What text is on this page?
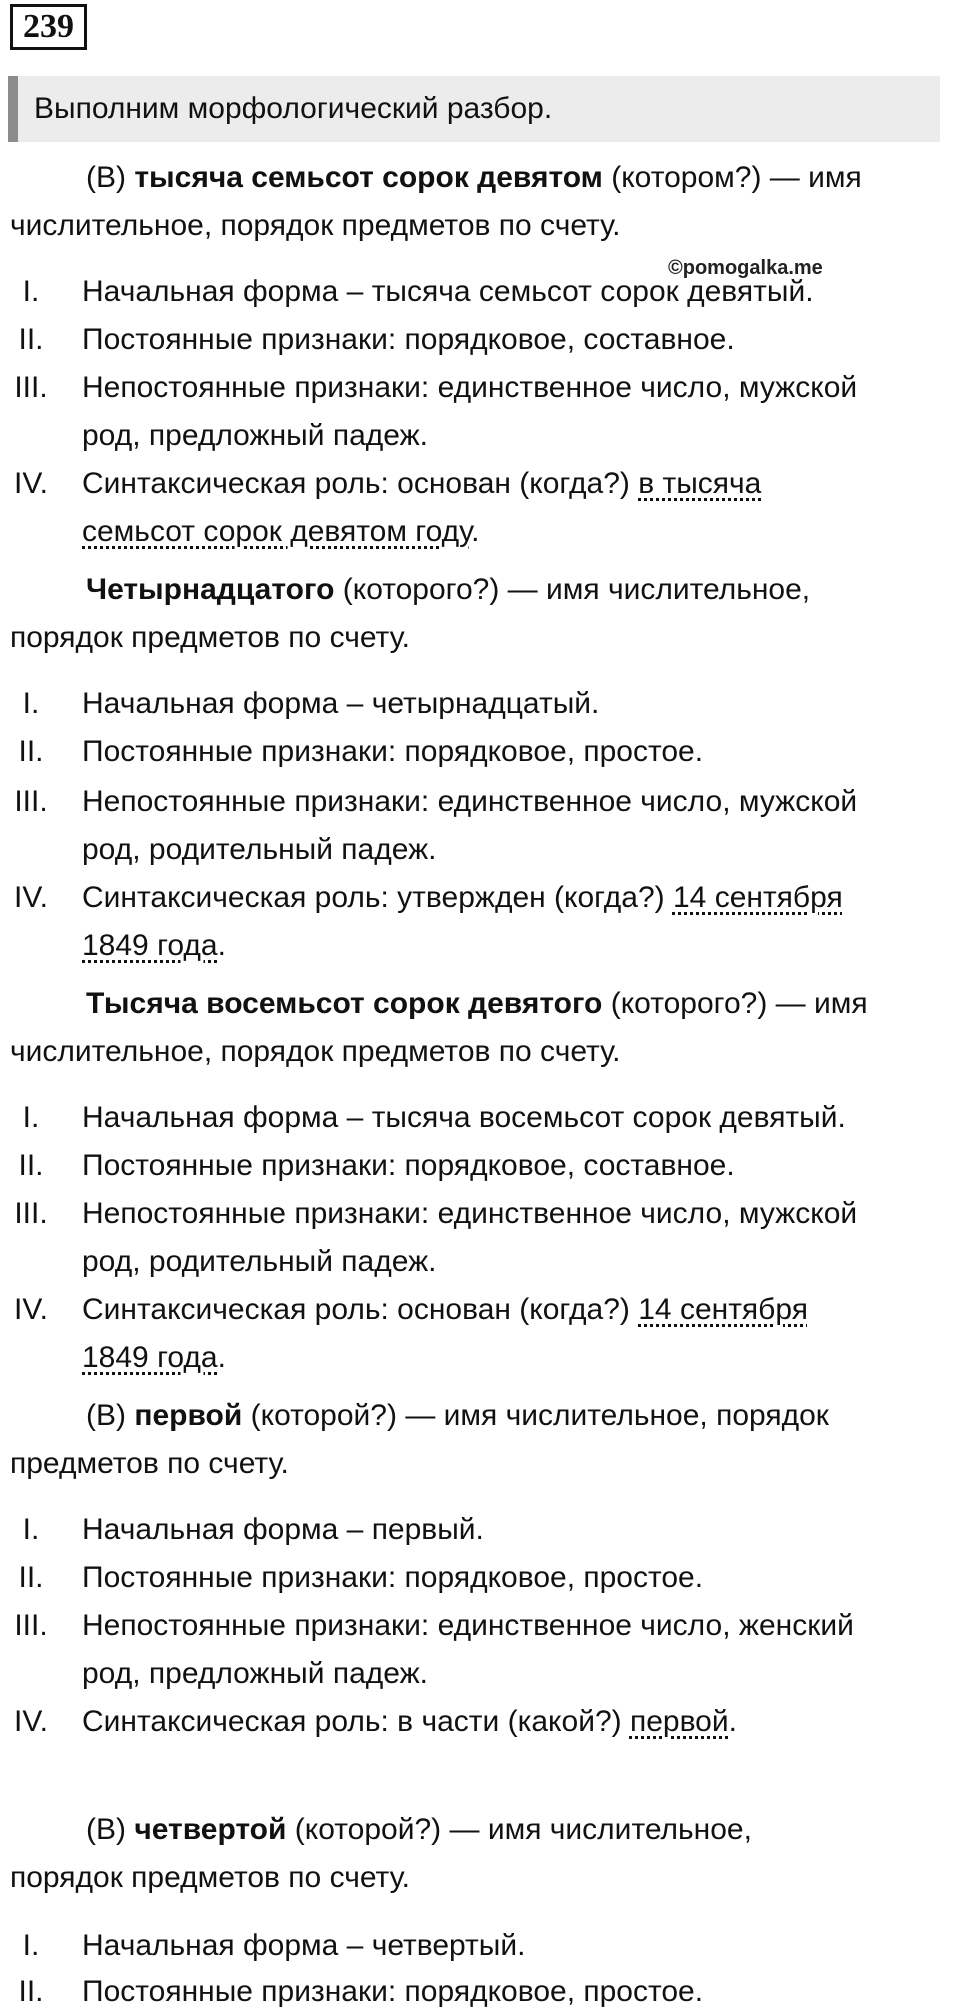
239
Выполним морфологический разбор.
©pomogalka.me
(В) тысяча семьсот сорок девятом (котором?) — имя
числительное, порядок предметов по счету.
I.	Начальная форма – тысяча семьсот сорок девятый.
II.	Постоянные признаки: порядковое, составное.
III.	Непостоянные признаки: единственное число, мужской
род, предложный падеж.
IV.	Синтаксическая роль: основан (когда?) в тысяча
семьсот сорок девятом году.
Четырнадцатого (которого?) — имя числительное,
порядок предметов по счету.
I.	Начальная форма – четырнадцатый.
II.	Постоянные признаки: порядковое, простое.
III.	Непостоянные признаки: единственное число, мужской
род, родительный падеж.
IV.	Синтаксическая роль: утвержден (когда?) 14 сентября
1849 года.
Тысяча восемьсот сорок девятого (которого?) — имя
числительное, порядок предметов по счету.
I.	Начальная форма – тысяча восемьсот сорок девятый.
II.	Постоянные признаки: порядковое, составное.
III.	Непостоянные признаки: единственное число, мужской
род, родительный падеж.
IV.	Синтаксическая роль: основан (когда?) 14 сентября
1849 года.
(В) первой (которой?) — имя числительное, порядок
предметов по счету.
I.	Начальная форма – первый.
II.	Постоянные признаки: порядковое, простое.
III.	Непостоянные признаки: единственное число, женский
род, предложный падеж.
IV.	Синтаксическая роль: в части (какой?) первой.
(В) четвертой (которой?) — имя числительное,
порядок предметов по счету.
I.	Начальная форма – четвертый.
II.	Постоянные признаки: порядковое, простое.
